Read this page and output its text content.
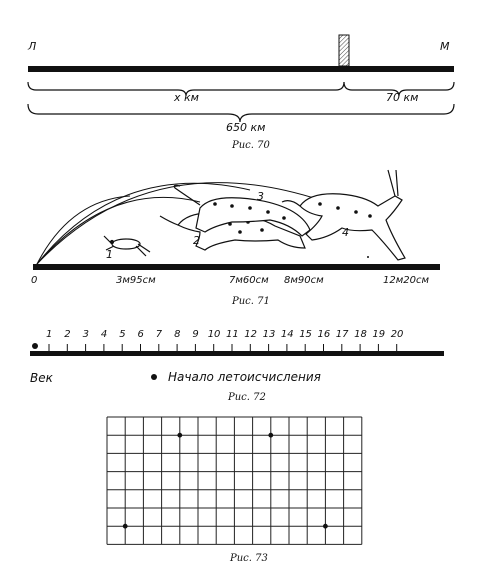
Л	М
x км	70 км
650 км
Рис. 70
1
2
3
4
0	3м95см	7м60см 8м90см	12м20см
Рис. 71
1 2 3 4 5 6 7 8 9 10 11 12 13 14 15 16 17 18 19 20
Век	Начало летоисчисления
Рис. 72
Рис. 73
